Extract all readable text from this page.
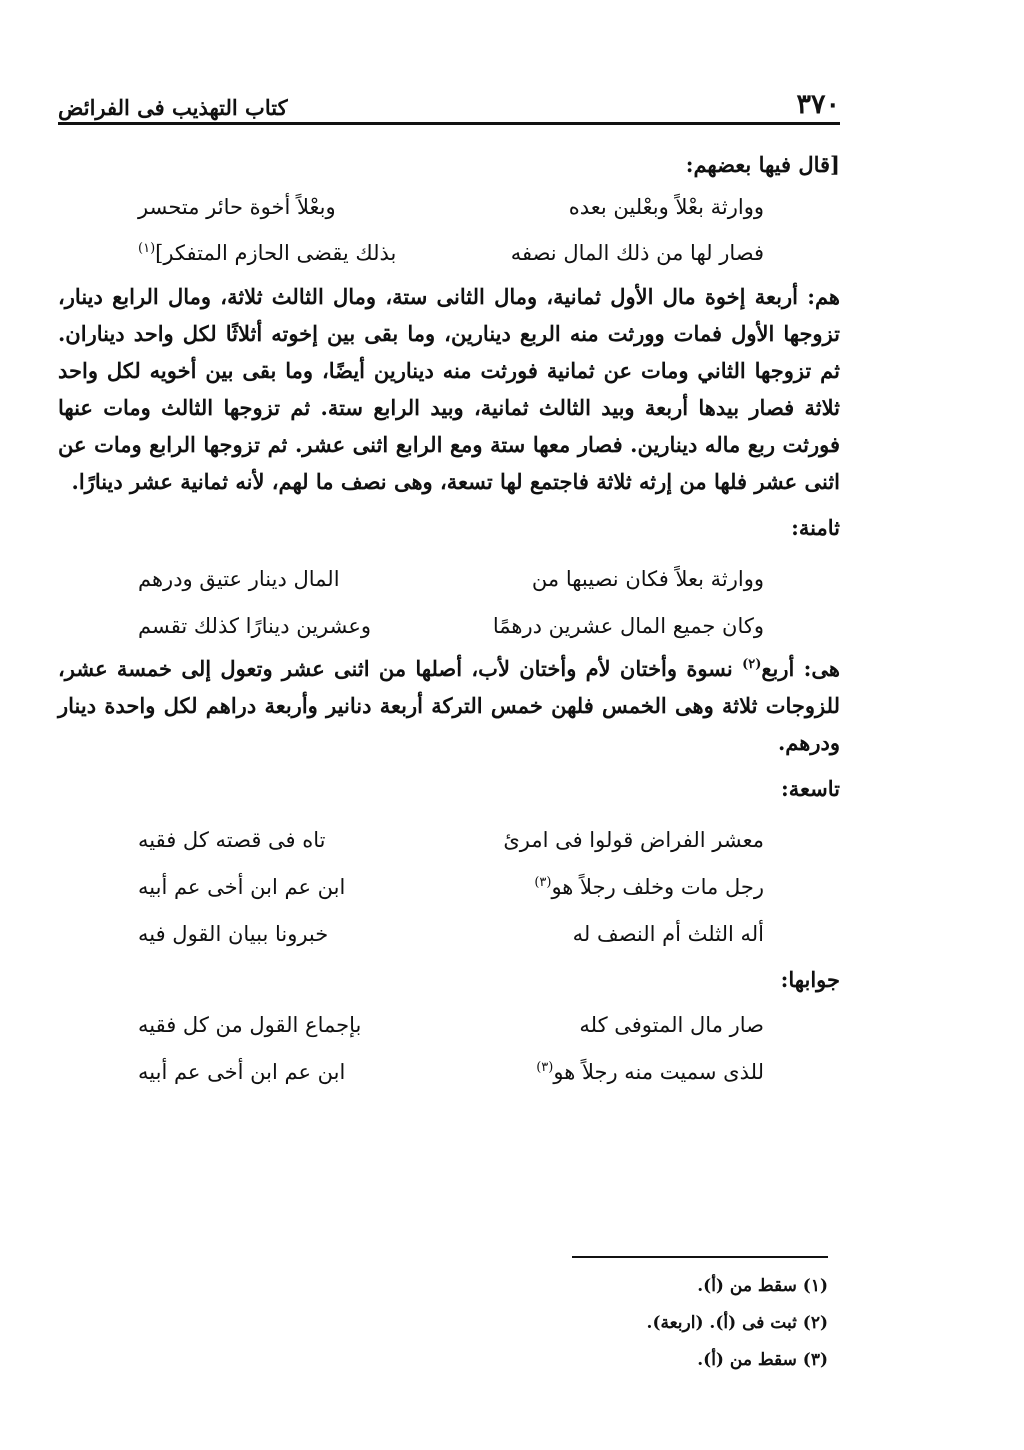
٣٧٠
كتاب التهذيب فى الفرائض
[قال فيها بعضهم:
ووارثة بعْلاً وبعْلين بعده
وبعْلاً أخوة حائر متحسر
فصار لها من ذلك المال نصفه
بذلك يقضى الحازم المتفكر]$^{(١)}$

هم: أربعة إخوة مال الأول ثمانية، ومال الثانى ستة، ومال الثالث ثلاثة، ومال الرابع دينار، تزوجها الأول فمات وورثت منه الربع دينارين، وما بقى بين إخوته أثلاثًا لكل واحد ديناران. ثم تزوجها الثاني ومات عن ثمانية فورثت منه دينارين أيضًا، وما بقى بين أخويه لكل واحد ثلاثة فصار بيدها أربعة وبيد الثالث ثمانية، وبيد الرابع ستة. ثم تزوجها الثالث ومات عنها فورثت ربع ماله دينارين. فصار معها ستة ومع الرابع اثنى عشر. ثم تزوجها الرابع ومات عن اثنى عشر فلها من إرثه ثلاثة فاجتمع لها تسعة، وهى نصف ما لهم، لأنه ثمانية عشر دينارًا.

ثامنة:
ووارثة بعلاً فكان نصيبها من
المال دينار عتيق ودرهم
وكان جميع المال عشرين درهمًا
وعشرين دينارًا كذلك تقسم

هى: أربع$^{(٢)}$ نسوة وأختان لأم وأختان لأب، أصلها من اثنى عشر وتعول إلى خمسة عشر، للزوجات ثلاثة وهى الخمس فلهن خمس التركة أربعة دنانير وأربعة دراهم لكل واحدة دينار ودرهم.

تاسعة:
معشر الفراض قولوا فى امرئ
تاه فى قصته كل فقيه
رجل مات وخلف رجلاً هو$^{(٣)}$
ابن عم ابن أخى عم أبيه
أله الثلث أم النصف له
خبرونا ببيان القول فيه
جوابها:
صار مال المتوفى كله
بإجماع القول من كل فقيه
للذى سميت منه رجلاً هو$^{(٣)}$
ابن عم ابن أخى عم أبيه
(١) سقط من (أ).
(٢) ثبت فى (أ). (اربعة).
(٣) سقط من (أ).
